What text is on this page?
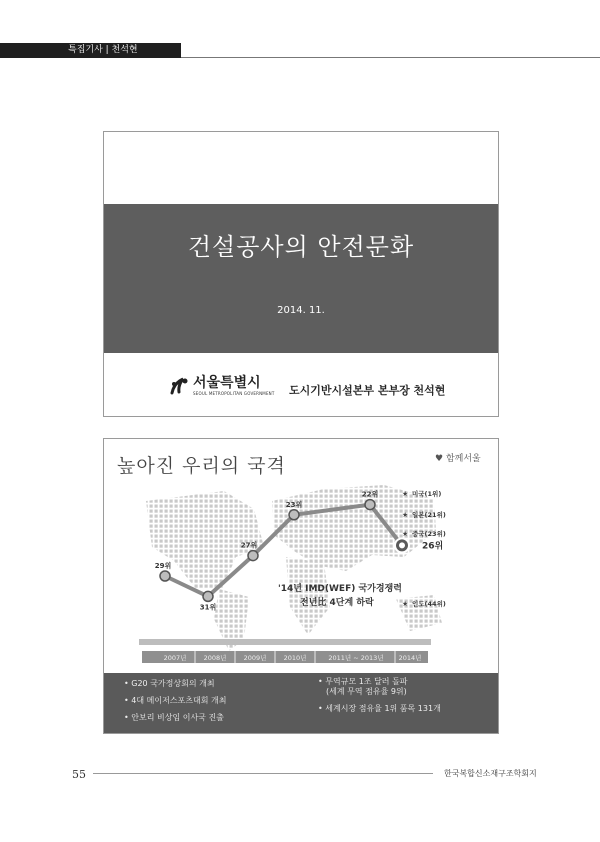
특집기사 | 천석현
건설공사의 안전문화
2014. 11.
서울특별시
SEOUL METROPOLITAN GOVERNMENT 도시기반시설본부 본부장 천석현
★ 미국(1위)
★ 일본(21위)
★ 중국(23위)
★ 인도(44위)
'14년 IMD(WEF) 국가경쟁력
전년比 4단계 하락
2007년	2008년	2009년	2010년	2011년 ~ 2013년 2014년
29위
31위
27위
23위
22위
26위
높아진 우리의 국격	♥ 함께서울
• G20 국가정상회의 개최
• 4대 메이저스포츠대회 개최
• 안보리 비상임 이사국 진출
• 무역규모 1조 달러 돌파
(세계 무역 점유율 9위)
• 세계시장 점유율 1위 품목 131개
55	한국복합신소재구조학회지
